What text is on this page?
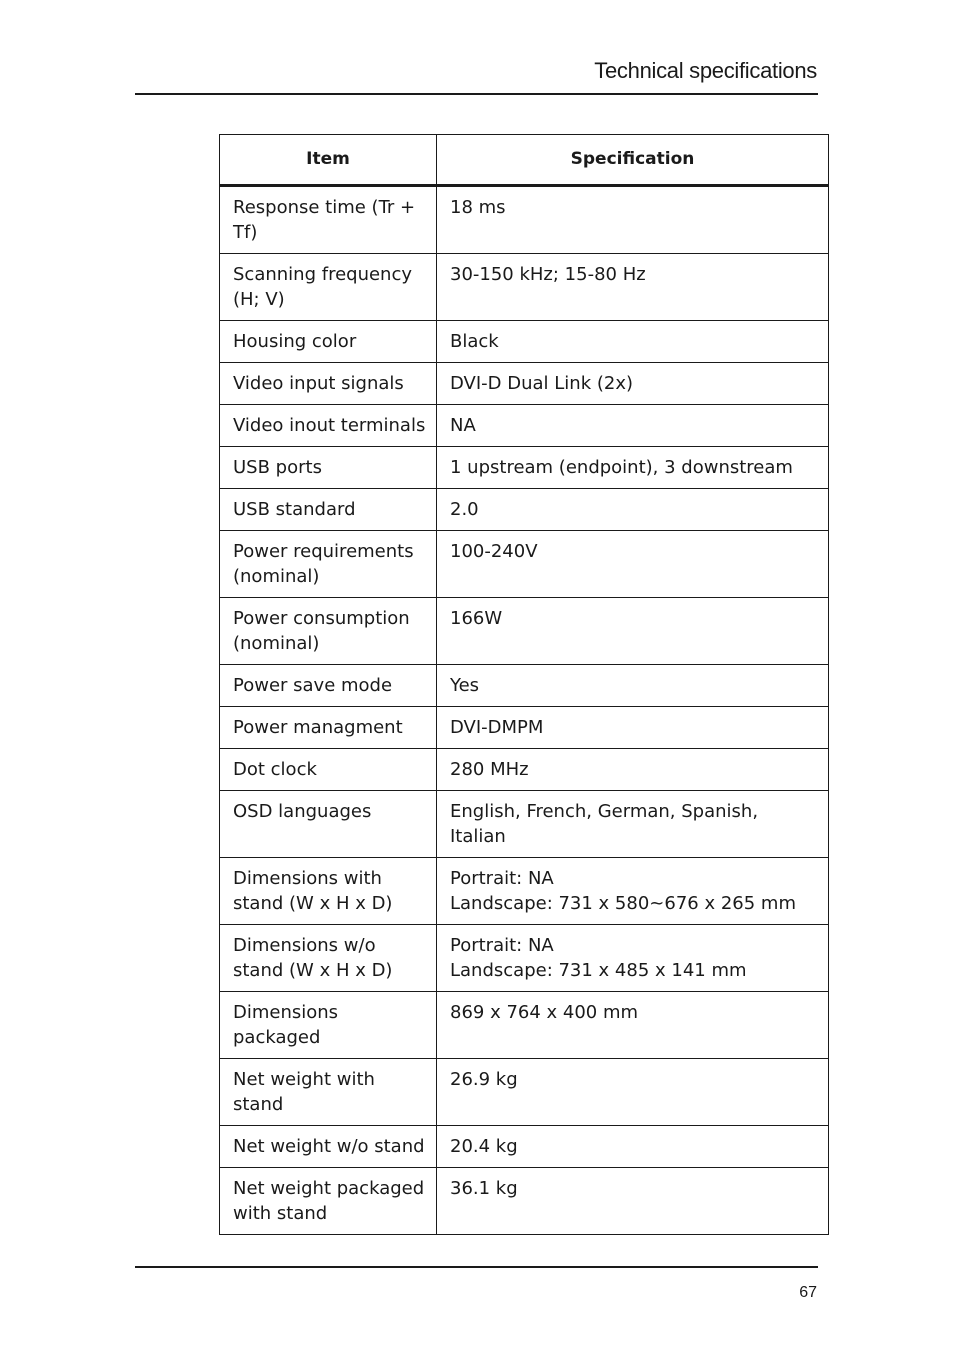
Technical specifications
Item	Specification
Response time (Tr + Tf)	18 ms

Scanning frequency (H; V)	30-150 kHz; 15-80 Hz

Housing color	Black

Video input signals	DVI-D Dual Link (2x)

Video inout terminals	NA

USB ports	1 upstream (endpoint), 3 downstream

USB standard	2.0

Power requirements (nominal)	100-240V

Power consumption (nominal)	166W

Power save mode	Yes

Power managment	DVI-DMPM

Dot clock	280 MHz

OSD languages	English, French, German, Spanish, Italian

Dimensions with stand (W x H x D)	Portrait: NA
Landscape: 731 x 580~676 x 265 mm

Dimensions w/o stand (W x H x D)	Portrait: NA
Landscape: 731 x 485 x 141 mm

Dimensions packaged	869 x 764 x 400 mm

Net weight with stand	26.9 kg

Net weight w/o stand	20.4 kg

Net weight packaged with stand	36.1 kg
67
